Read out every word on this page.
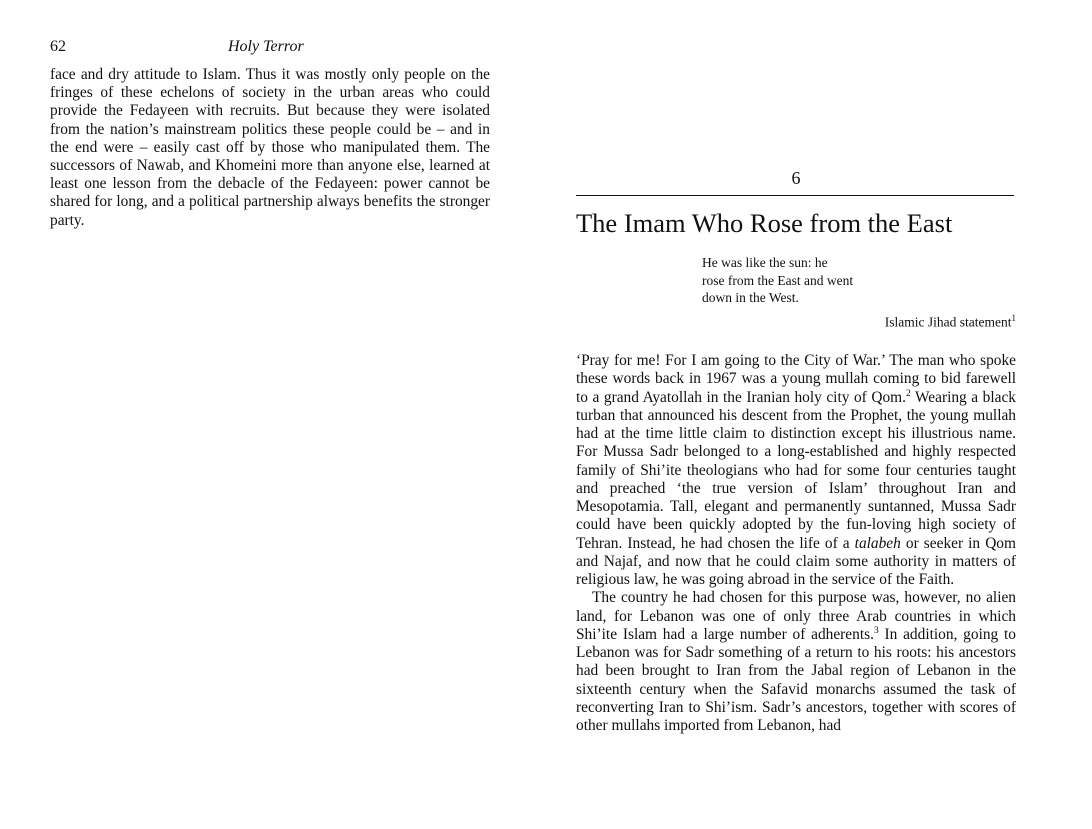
62	Holy Terror

face and dry attitude to Islam. Thus it was mostly only people on the fringes of these echelons of society in the urban areas who could provide the Fedayeen with recruits. But because they were isolated from the nation’s mainstream politics these people could be – and in the end were – easily cast off by those who manipulated them. The successors of Nawab, and Khomeini more than anyone else, learned at least one lesson from the debacle of the Fedayeen: power cannot be shared for long, and a political partnership always benefits the stronger party.

6
The Imam Who Rose from the East
He was like the sun: he
rose from the East and went
down in the West.
Islamic Jihad statement$^1$

‘Pray for me! For I am going to the City of War.’ The man who spoke these words back in 1967 was a young mullah coming to bid farewell to a grand Ayatollah in the Iranian holy city of Qom.$^2$ Wearing a black turban that announced his descent from the Prophet, the young mullah had at the time little claim to distinction except his illustrious name. For Mussa Sadr belonged to a long-established and highly respected family of Shi’ite theologians who had for some four centuries taught and preached ‘the true version of Islam’ throughout Iran and Mesopotamia. Tall, elegant and permanently suntanned, Mussa Sadr could have been quickly adopted by the fun-loving high society of Tehran. Instead, he had chosen the life of a talabeh or seeker in Qom and Najaf, and now that he could claim some authority in matters of religious law, he was going abroad in the service of the Faith.

The country he had chosen for this purpose was, however, no alien land, for Lebanon was one of only three Arab countries in which Shi’ite Islam had a large number of adherents.$^3$ In addition, going to Lebanon was for Sadr something of a return to his roots: his ancestors had been brought to Iran from the Jabal region of Lebanon in the sixteenth century when the Safavid monarchs assumed the task of reconverting Iran to Shi’ism. Sadr’s ancestors, together with scores of other mullahs imported from Lebanon, had
